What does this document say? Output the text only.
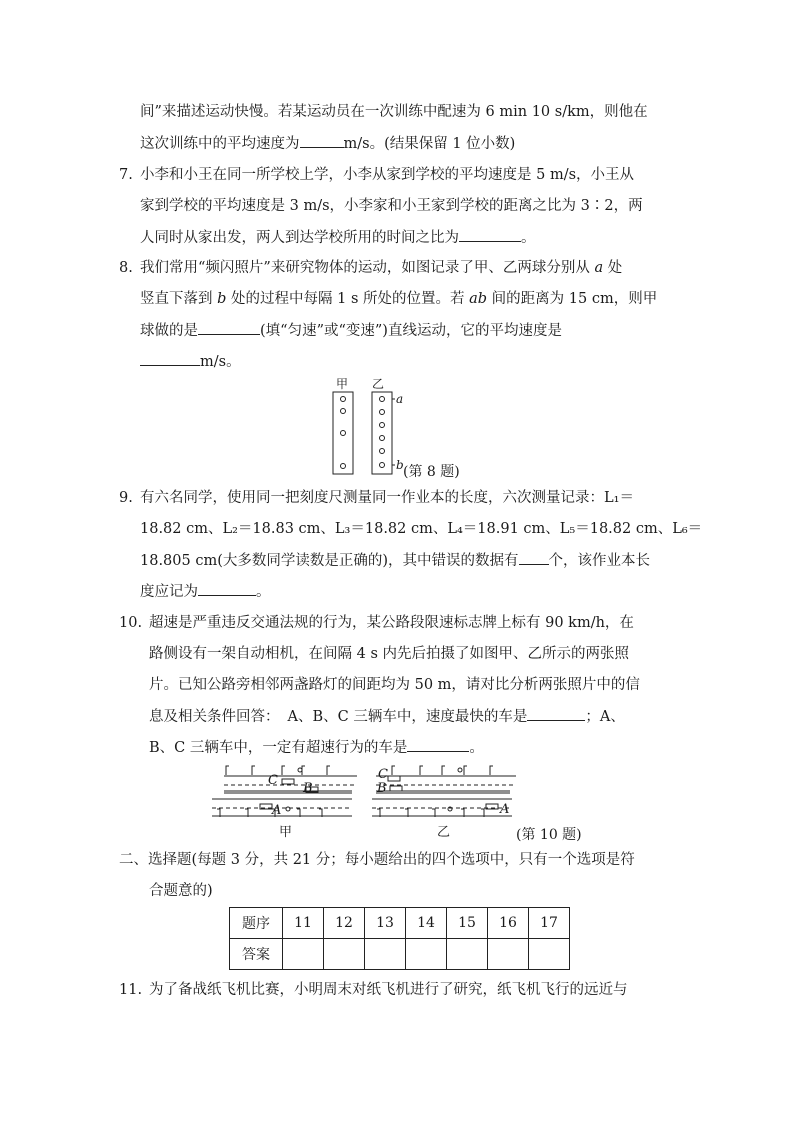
间”来描述运动快慢。若某运动员在一次训练中配速为 6 min 10 s/km，则他在
这次训练中的平均速度为	m/s。(结果保留 1 位小数)
7. 小李和小王在同一所学校上学，小李从家到学校的平均速度是 5 m/s，小王从
家到学校的平均速度是 3 m/s，小李家和小王家到学校的距离之比为 3∶2，两
人同时从家出发，两人到达学校所用的时间之比为	。
8. 我们常用“频闪照片”来研究物体的运动，如图记录了甲、乙两球分别从 a 处
竖直下落到 b 处的过程中每隔 1 s 所处的位置。若 ab 间的距离为 15 cm，则甲
球做的是	(填“匀速”或“变速”)直线运动，它的平均速度是
m/s。
甲 乙
a
b (第 8 题)
9. 有六名同学，使用同一把刻度尺测量同一作业本的长度，六次测量记录：L₁＝
18.82 cm、L₂＝18.83 cm、L₃＝18.82 cm、L₄＝18.91 cm、L₅＝18.82 cm、L₆＝
18.805 cm(大多数同学读数是正确的)，其中错误的数据有 个，该作业本长
度应记为	。
10. 超速是严重违反交通法规的行为，某公路段限速标志牌上标有 90 km/h，在
路侧设有一架自动相机，在间隔 4 s 内先后拍摄了如图甲、乙所示的两张照
片。已知公路旁相邻两盏路灯的间距均为 50 m，请对比分析两张照片中的信
息及相关条件回答： A、B、C 三辆车中，速度最快的车是	；A、
B、C 三辆车中，一定有超速行为的车是	。
C
B
A
甲
C
B
A
乙	(第 10 题)
二、选择题(每题 3 分，共 21 分；每小题给出的四个选项中，只有一个选项是符
合题意的)
题序	11	12	13	14	15	16	17
答案							
11. 为了备战纸飞机比赛，小明周末对纸飞机进行了研究，纸飞机飞行的远近与
